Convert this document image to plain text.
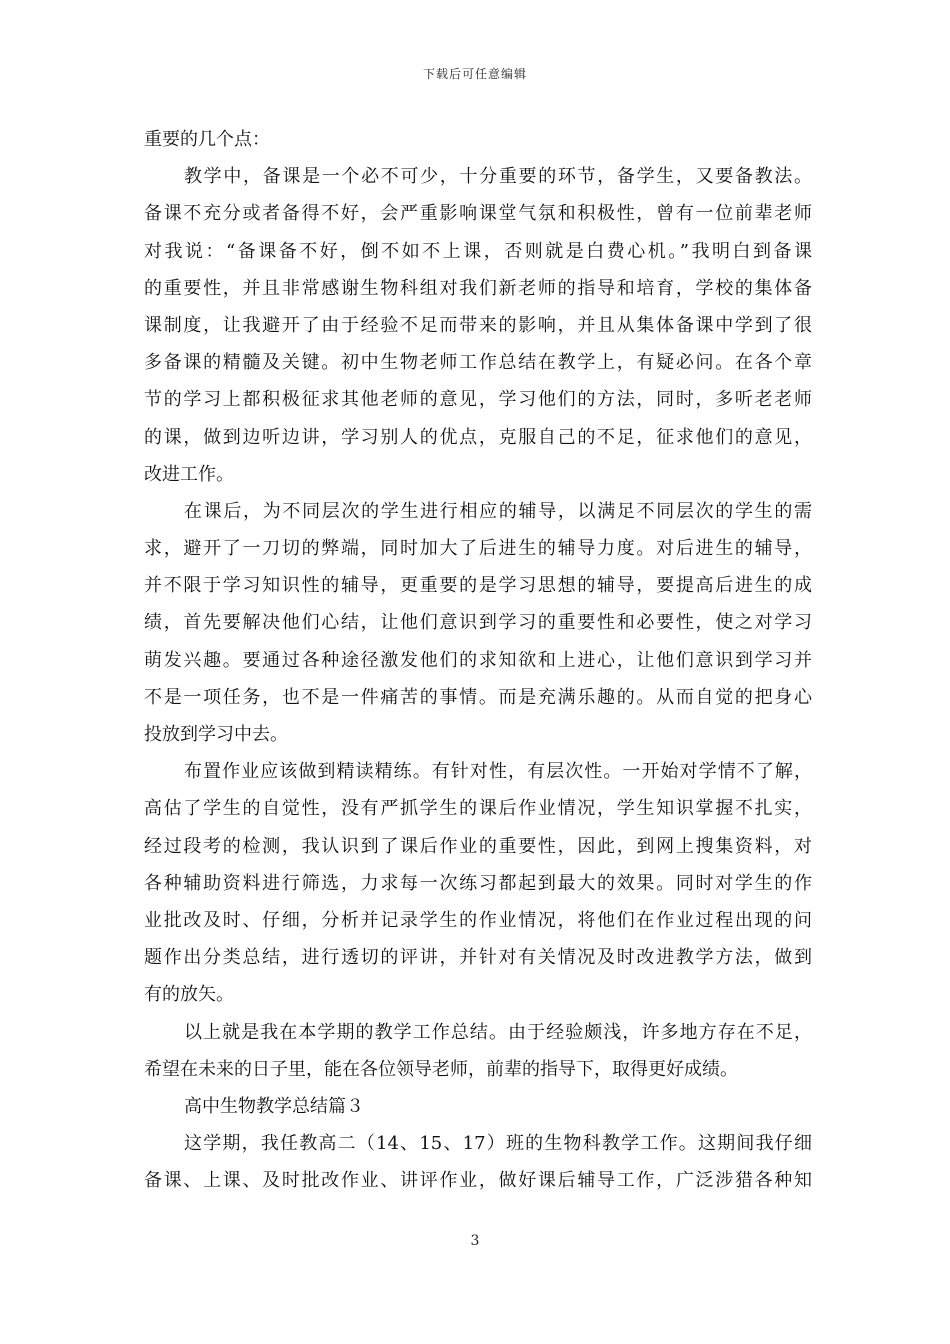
下载后可任意编辑
重要的几个点：
教学中，备课是一个必不可少，十分重要的环节，备学生，又要备教法。
备课不充分或者备得不好，会严重影响课堂气氛和积极性，曾有一位前辈老师
对我说：“备课备不好，倒不如不上课，否则就是白费心机。”我明白到备课
的重要性，并且非常感谢生物科组对我们新老师的指导和培育，学校的集体备
课制度，让我避开了由于经验不足而带来的影响，并且从集体备课中学到了很
多备课的精髓及关键。初中生物老师工作总结在教学上，有疑必问。在各个章
节的学习上都积极征求其他老师的意见，学习他们的方法，同时，多听老老师
的课，做到边听边讲，学习别人的优点，克服自己的不足，征求他们的意见，
改进工作。
在课后，为不同层次的学生进行相应的辅导，以满足不同层次的学生的需
求，避开了一刀切的弊端，同时加大了后进生的辅导力度。对后进生的辅导，
并不限于学习知识性的辅导，更重要的是学习思想的辅导，要提高后进生的成
绩，首先要解决他们心结，让他们意识到学习的重要性和必要性，使之对学习
萌发兴趣。要通过各种途径激发他们的求知欲和上进心，让他们意识到学习并
不是一项任务，也不是一件痛苦的事情。而是充满乐趣的。从而自觉的把身心
投放到学习中去。
布置作业应该做到精读精练。有针对性，有层次性。一开始对学情不了解，
高估了学生的自觉性，没有严抓学生的课后作业情况，学生知识掌握不扎实，
经过段考的检测，我认识到了课后作业的重要性，因此，到网上搜集资料，对
各种辅助资料进行筛选，力求每一次练习都起到最大的效果。同时对学生的作
业批改及时、仔细，分析并记录学生的作业情况，将他们在作业过程出现的问
题作出分类总结，进行透切的评讲，并针对有关情况及时改进教学方法，做到
有的放矢。
以上就是我在本学期的教学工作总结。由于经验颇浅，许多地方存在不足，
希望在未来的日子里，能在各位领导老师，前辈的指导下，取得更好成绩。
高中生物教学总结篇３
这学期，我任教高二（14、15、17）班的生物科教学工作。这期间我仔细
备课、上课、及时批改作业、讲评作业，做好课后辅导工作，广泛涉猎各种知
3
